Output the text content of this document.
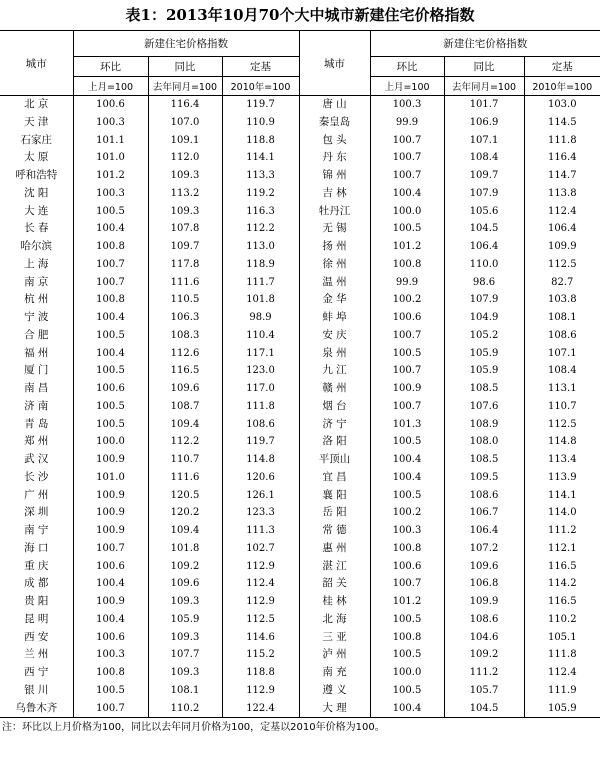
表1：2013年10月70个大中城市新建住宅价格指数
城市	新建住宅价格指数			城市	新建住宅价格指数		
	环比	同比	定基		环比	同比	定基
	上月=100	去年同月=100	2010年=100		上月=100	去年同月=100	2010年=100
北 京	100.6	116.4	119.7	唐 山	100.3	101.7	103.0
天 津	100.3	107.0	110.9	秦皇岛	99.9	106.9	114.5
石家庄	101.1	109.1	118.8	包 头	100.7	107.1	111.8
太 原	101.0	112.0	114.1	丹 东	100.7	108.4	116.4
呼和浩特	101.2	109.3	113.3	锦 州	100.7	109.7	114.7
沈 阳	100.3	113.2	119.2	吉 林	100.4	107.9	113.8
大 连	100.5	109.3	116.3	牡丹江	100.0	105.6	112.4
长 春	100.4	107.8	112.2	无 锡	100.5	104.5	106.4
哈尔滨	100.8	109.7	113.0	扬 州	101.2	106.4	109.9
上 海	100.7	117.8	118.9	徐 州	100.8	110.0	112.5
南 京	100.7	111.6	111.7	温 州	99.9	98.6	82.7
杭 州	100.8	110.5	101.8	金 华	100.2	107.9	103.8
宁 波	100.4	106.3	98.9	蚌 埠	100.6	104.9	108.1
合 肥	100.5	108.3	110.4	安 庆	100.7	105.2	108.6
福 州	100.4	112.6	117.1	泉 州	100.5	105.9	107.1
厦 门	100.5	116.5	123.0	九 江	100.7	105.9	108.4
南 昌	100.6	109.6	117.0	赣 州	100.9	108.5	113.1
济 南	100.5	108.7	111.8	烟 台	100.7	107.6	110.7
青 岛	100.5	109.4	108.6	济 宁	101.3	108.9	112.5
郑 州	100.0	112.2	119.7	洛 阳	100.5	108.0	114.8
武 汉	100.9	110.7	114.8	平顶山	100.4	108.5	113.4
长 沙	101.0	111.6	120.6	宜 昌	100.4	109.5	113.9
广 州	100.9	120.5	126.1	襄 阳	100.5	108.6	114.1
深 圳	100.9	120.2	123.3	岳 阳	100.2	106.7	114.0
南 宁	100.9	109.4	111.3	常 德	100.3	106.4	111.2
海 口	100.7	101.8	102.7	惠 州	100.8	107.2	112.1
重 庆	100.6	109.2	112.9	湛 江	100.6	109.6	116.5
成 都	100.4	109.6	112.4	韶 关	100.7	106.8	114.2
贵 阳	100.9	109.3	112.9	桂 林	101.2	109.9	116.5
昆 明	100.4	105.9	112.5	北 海	100.5	108.6	110.2
西 安	100.6	109.3	114.6	三 亚	100.8	104.6	105.1
兰 州	100.3	107.7	115.2	泸 州	100.5	109.2	111.8
西 宁	100.8	109.3	118.8	南 充	100.0	111.2	112.4
银 川	100.5	108.1	112.9	遵 义	100.5	105.7	111.9
乌鲁木齐	100.7	110.2	122.4	大 理	100.4	104.5	105.9
注：环比以上月价格为100，同比以去年同月价格为100，定基以2010年价格为100。
